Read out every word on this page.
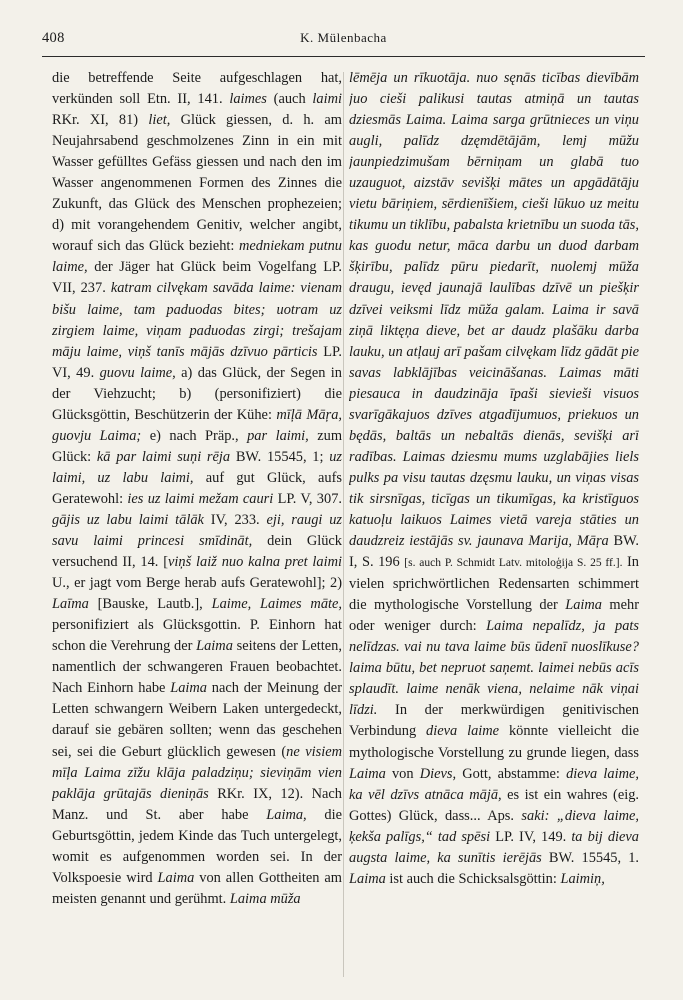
408	K. Mülenbacha
die betreffende Seite aufgeschlagen hat, verkünden soll Etn. II, 141. laimes (auch laimi RKr. XI, 81) liet, Glück giessen, d. h. am Neujahrsabend geschmolzenes Zinn in ein mit Wasser gefülltes Gefäss giessen und nach den im Wasser angenommenen Formen des Zinnes die Zukunft, das Glück des Menschen prophezeien; d) mit vorangehendem Genitiv, welcher angibt, worauf sich das Glück bezieht: medniekam putnu laime, der Jäger hat Glück beim Vogelfang LP. VII, 237. katram cilvękam savāda laime: vienam bišu laime, tam paduodas bites; uotram uz zirgiem laime, viņam paduodas zirgi; trešajam māju laime, viņš tanīs mājās dzīvuo pārticis LP. VI, 49. guovu laime, a) das Glück, der Segen in der Viehzucht; b) (personifiziert) die Glücksgöttin, Beschützerin der Kühe: mīļā Māŗa, guovju Laima; e) nach Präp., par laimi, zum Glück: kā par laimi suņi rēja BW. 15545, 1; uz laimi, uz labu laimi, auf gut Glück, aufs Geratewohl: ies uz laimi mežam cauri LP. V, 307. gājis uz labu laimi tālāk IV, 233. eji, raugi uz savu laimi princesi smīdināt, dein Glück versuchend II, 14. [viņš laiž nuo kalna pret laimi U., er jagt vom Berge herab aufs Geratewohl]; 2) Laīma [Bauske, Lautb.], Laime, Laimes māte, personifiziert als Glücksgottin. P. Einhorn hat schon die Verehrung der Laima seitens der Letten, namentlich der schwangeren Frauen beobachtet. Nach Einhorn habe Laima nach der Meinung der Letten schwangern Weibern Laken untergedeckt, darauf sie gebären sollten; wenn das geschehen sei, sei die Geburt glücklich gewesen (ne visiem mīļa Laima zīžu klāja paladziņu; sieviņām vien paklāja grūtajās dieniņās RKr. IX, 12). Nach Manz. und St. aber habe Laima, die Geburtsgöttin, jedem Kinde das Tuch untergelegt, womit es aufgenommen worden sei. In der Volkspoesie wird Laima von allen Gottheiten am meisten genannt und gerühmt. Laima mūža
lēmēja un rīkuotāja. nuo sęnās ticības dievībām juo cieši palikusi tautas atmiņā un tautas dziesmās Laima. Laima sarga grūtnieces un viņu augli, palīdz dzęmdētājām, lemj mūžu jaunpiedzimušam bērniņam un glabā tuo uzauguot, aizstāv sevišķi mātes un apgādātāju vietu bāriņiem, sērdienīšiem, cieši lūkuo uz meitu tikumu un tiklību, pabalsta krietnību un suoda tās, kas guodu netur, māca darbu un duod darbam šķirību, palīdz pūru piedarīt, nuolemj mūža draugu, ievęd jaunajā laulības dzīvē un piešķir dzīvei veiksmi līdz mūža galam. Laima ir savā ziņā liktęņa dieve, bet ar daudz plašāku darba lauku, un atļauj arī pašam cilvękam līdz gādāt pie savas labklājības veicināšanas. Laimas māti piesauca in daudzināja īpaši sievieši visuos svarīgākajuos dzīves atgadījumuos, priekuos un będās, baltās un nebaltās dienās, sevišķi arī radības. Laimas dziesmu mums uzglabājies liels pulks pa visu tautas dzęsmu lauku, un viņas visas tik sirsnīgas, ticīgas un tikumīgas, ka kristīguos katuoļu laikuos Laimes vietā vareja stāties un daudzreiz iestājās sv. jaunava Marija, Māŗa BW. I, S. 196 [s. auch P. Schmidt Latv. mitoloģija S. 25 ff.]. In vielen sprichwörtlichen Redensarten schimmert die mythologische Vorstellung der Laima mehr oder weniger durch: Laima nepalīdz, ja pats nelīdzas. vai nu tava laime būs ūdenī nuoslīkuse? laima būtu, bet nepruot saņemt. laimei nebūs acīs splaudīt. laime nenāk viena, nelaime nāk viņai līdzi. In der merkwürdigen genitivischen Verbindung dieva laime könnte vielleicht die mythologische Vorstellung zu grunde liegen, dass Laima von Dievs, Gott, abstamme: dieva laime, ka vēl dzīvs atnāca mājā, es ist ein wahres (eig. Gottes) Glück, dass... Aps. saki: „dieva laime, ķekša palīgs,“ tad spēsi LP. IV, 149. ta bij dieva augsta laime, ka sunītis ierējās BW. 15545, 1. Laima ist auch die Schicksalsgöttin: Laimiņ,
